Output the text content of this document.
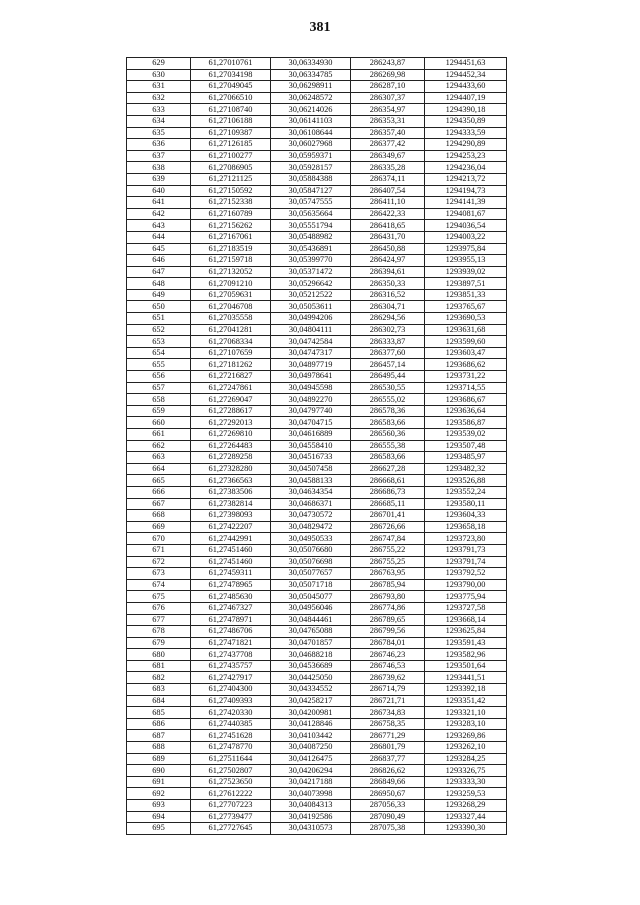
381
629	61,27010761	30,06334930	286243,87	1294451,63
630	61,27034198	30,06334785	286269,98	1294452,34
631	61,27049045	30,06298911	286287,10	1294433,60
632	61,27066510	30,06248572	286307,37	1294407,19
633	61,27108740	30,06214026	286354,97	1294390,18
634	61,27106188	30,06141103	286353,31	1294350,89
635	61,27109387	30,06108644	286357,40	1294333,59
636	61,27126185	30,06027968	286377,42	1294290,89
637	61,27100277	30,05959371	286349,67	1294253,23
638	61,27086905	30,05928157	286335,28	1294236,04
639	61,27121125	30,05884388	286374,11	1294213,72
640	61,27150592	30,05847127	286407,54	1294194,73
641	61,27152338	30,05747555	286411,10	1294141,39
642	61,27160789	30,05635664	286422,33	1294081,67
643	61,27156262	30,05551794	286418,65	1294036,54
644	61,27167061	30,05488982	286431,70	1294003,22
645	61,27183519	30,05436891	286450,88	1293975,84
646	61,27159718	30,05399770	286424,97	1293955,13
647	61,27132052	30,05371472	286394,61	1293939,02
648	61,27091210	30,05296642	286350,33	1293897,51
649	61,27059631	30,05212522	286316,52	1293851,33
650	61,27046708	30,05053611	286304,71	1293765,67
651	61,27035558	30,04994206	286294,56	1293690,53
652	61,27041281	30,04804111	286302,73	1293631,68
653	61,27068334	30,04742584	286333,87	1293599,60
654	61,27107659	30,04747317	286377,60	1293603,47
655	61,27181262	30,04897719	286457,14	1293686,62
656	61,27216827	30,04978641	286495,44	1293731,22
657	61,27247861	30,04945598	286530,55	1293714,55
658	61,27269047	30,04892270	286555,02	1293686,67
659	61,27288617	30,04797740	286578,36	1293636,64
660	61,27292013	30,04704715	286583,66	1293586,87
661	61,27269810	30,04616889	286560,36	1293539,02
662	61,27264483	30,04558410	286555,38	1293507,48
663	61,27289258	30,04516733	286583,66	1293485,97
664	61,27328280	30,04507458	286627,28	1293482,32
665	61,27366563	30,04588133	286668,61	1293526,88
666	61,27383506	30,04634354	286686,73	1293552,24
667	61,27382814	30,04686371	286685,11	1293580,11
668	61,27398093	30,04730572	286701,41	1293604,33
669	61,27422207	30,04829472	286726,66	1293658,18
670	61,27442991	30,04950533	286747,84	1293723,80
671	61,27451460	30,05076680	286755,22	1293791,73
672	61,27451460	30,05076698	286755,25	1293791,74
673	61,27459311	30,05077657	286763,95	1293792,52
674	61,27478965	30,05071718	286785,94	1293790,00
675	61,27485630	30,05045077	286793,80	1293775,94
676	61,27467327	30,04956046	286774,86	1293727,58
677	61,27478971	30,04844461	286789,65	1293668,14
678	61,27486706	30,04765088	286799,56	1293625,84
679	61,27471821	30,04701857	286784,01	1293591,43
680	61,27437708	30,04688218	286746,23	1293582,96
681	61,27435757	30,04536689	286746,53	1293501,64
682	61,27427917	30,04425050	286739,62	1293441,51
683	61,27404300	30,04334552	286714,79	1293392,18
684	61,27409393	30,04258217	286721,71	1293351,42
685	61,27420330	30,04200981	286734,83	1293321,10
686	61,27440385	30,04128846	286758,35	1293283,10
687	61,27451628	30,04103442	286771,29	1293269,86
688	61,27478770	30,04087250	286801,79	1293262,10
689	61,27511644	30,04126475	286837,77	1293284,25
690	61,27502807	30,04206294	286826,62	1293326,75
691	61,27523650	30,04217188	286849,66	1293333,30
692	61,27612222	30,04073998	286950,67	1293259,53
693	61,27707223	30,04084313	287056,33	1293268,29
694	61,27739477	30,04192586	287090,49	1293327,44
695	61,27727645	30,04310573	287075,38	1293390,30
